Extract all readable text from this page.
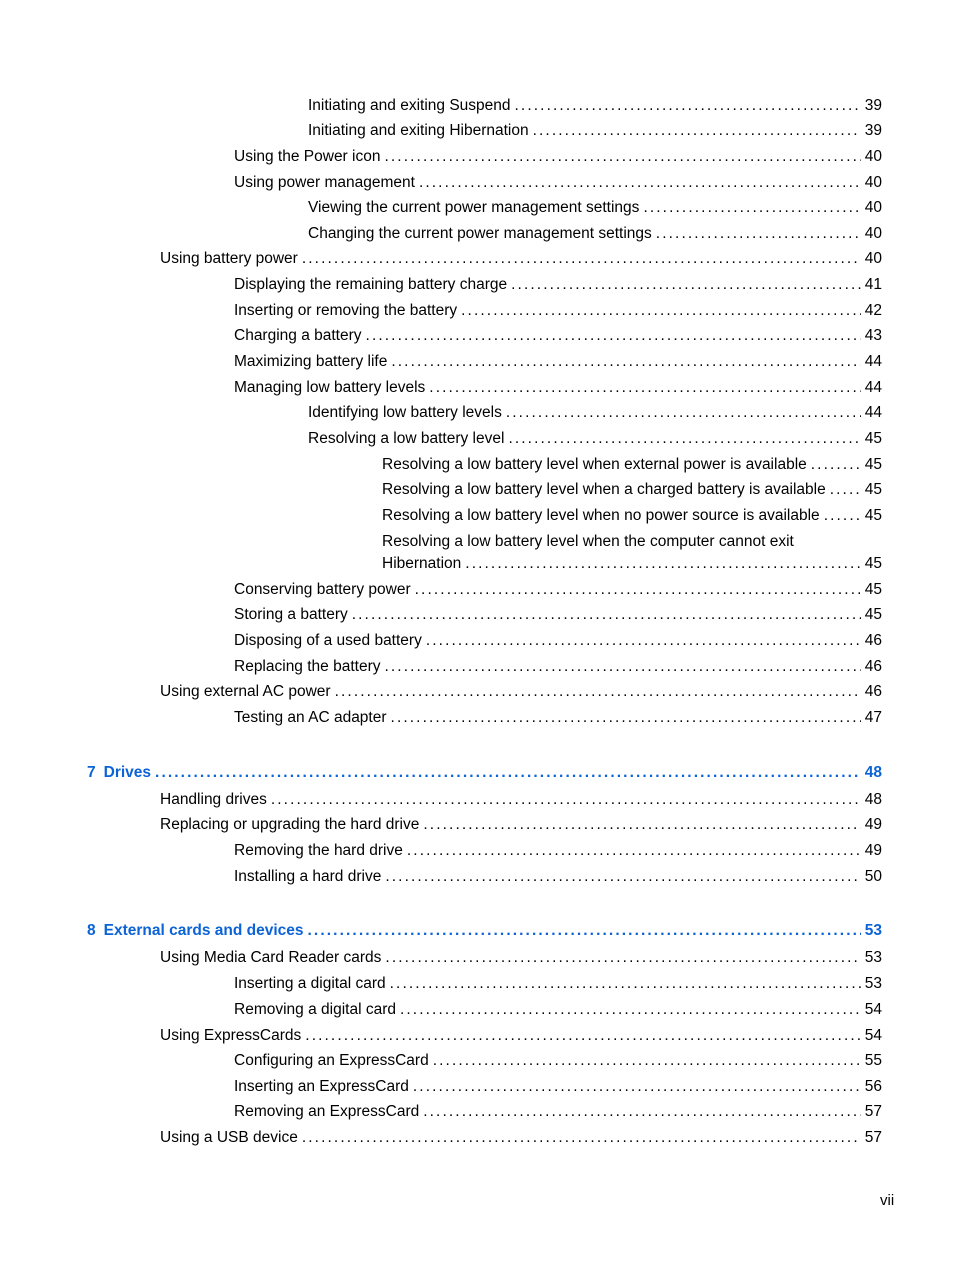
Initiating and exiting Suspend . . .	39
Initiating and exiting Hibernation . . .	39
Using the Power icon . . .	40
Using power management . . .	40
Viewing the current power management settings . . .	40
Changing the current power management settings . . .	40
Using battery power . . .	40
Displaying the remaining battery charge . . .	41
Inserting or removing the battery . . .	42
Charging a battery . . .	43
Maximizing battery life . . .	44
Managing low battery levels . . .	44
Identifying low battery levels . . .	44
Resolving a low battery level . . .	45
Resolving a low battery level when external power is available . . .	45
Resolving a low battery level when a charged battery is available . . .	45
Resolving a low battery level when no power source is available . . .	45
Resolving a low battery level when the computer cannot exit
Hibernation . . .	45
Conserving battery power . . .	45
Storing a battery . . .	45
Disposing of a used battery . . .	46
Replacing the battery . . .	46
Using external AC power . . .	46
Testing an AC adapter . . .	47
7 Drives . . .	48
Handling drives . . .	48
Replacing or upgrading the hard drive . . .	49
Removing the hard drive . . .	49
Installing a hard drive . . .	50
8 External cards and devices . . .	53
Using Media Card Reader cards . . .	53
Inserting a digital card . . .	53
Removing a digital card . . .	54
Using ExpressCards . . .	54
Configuring an ExpressCard . . .	55
Inserting an ExpressCard . . .	56
Removing an ExpressCard . . .	57
Using a USB device . . .	57
vii
